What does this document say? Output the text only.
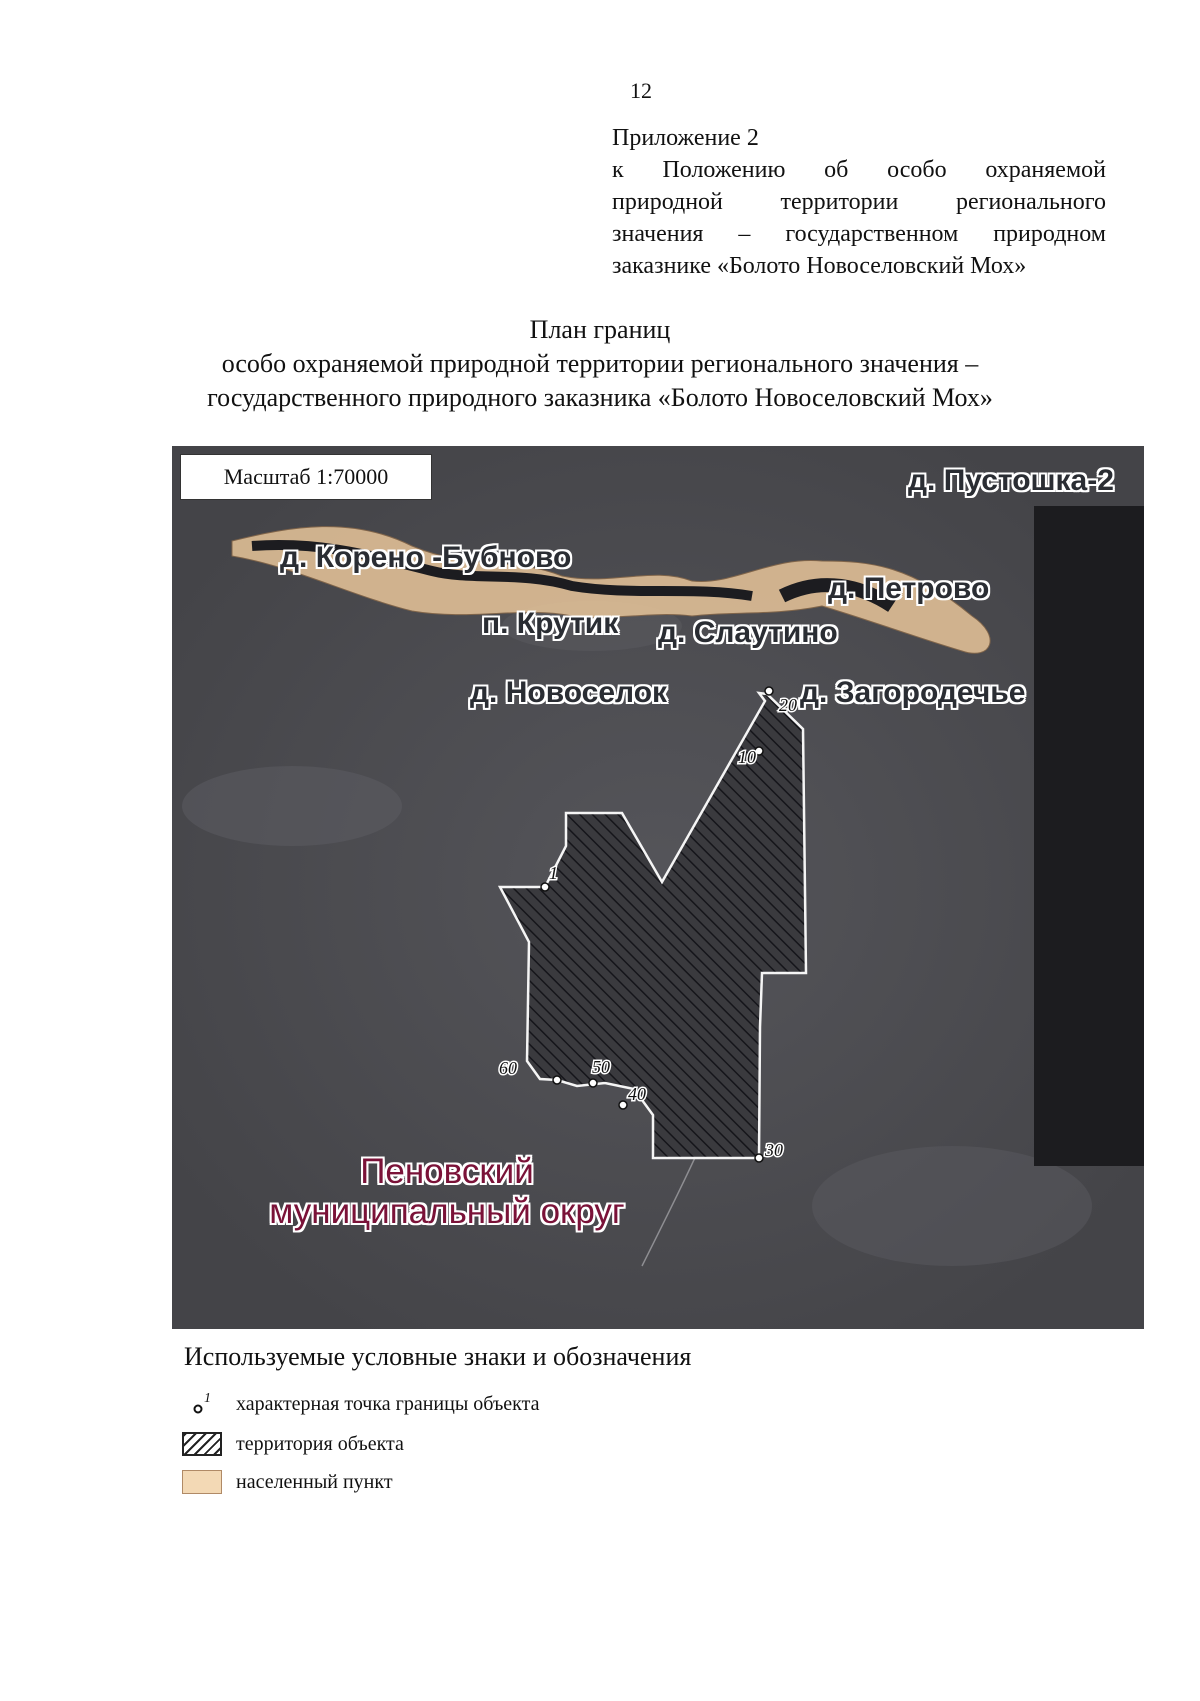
12
Приложение 2
к Положению об особо охраняемой
природной территории регионального
значения – государственном природном
заказнике «Болото Новоселовский Мох»
План границ
особо охраняемой природной территории регионального значения –
государственного природного заказника «Болото Новоселовский Мох»
1
10
20
30
40
50
60
Масштаб 1:70000	д. Пустошка-2
д. Корено -Бубново
д. Петрово
п. Крутик д. Слаутино
д. Новоселок	д. Загородечье
Пеновский
муниципальный округ
Используемые условные знаки и обозначения
1 характерная точка границы объекта
территория объекта
населенный пункт
